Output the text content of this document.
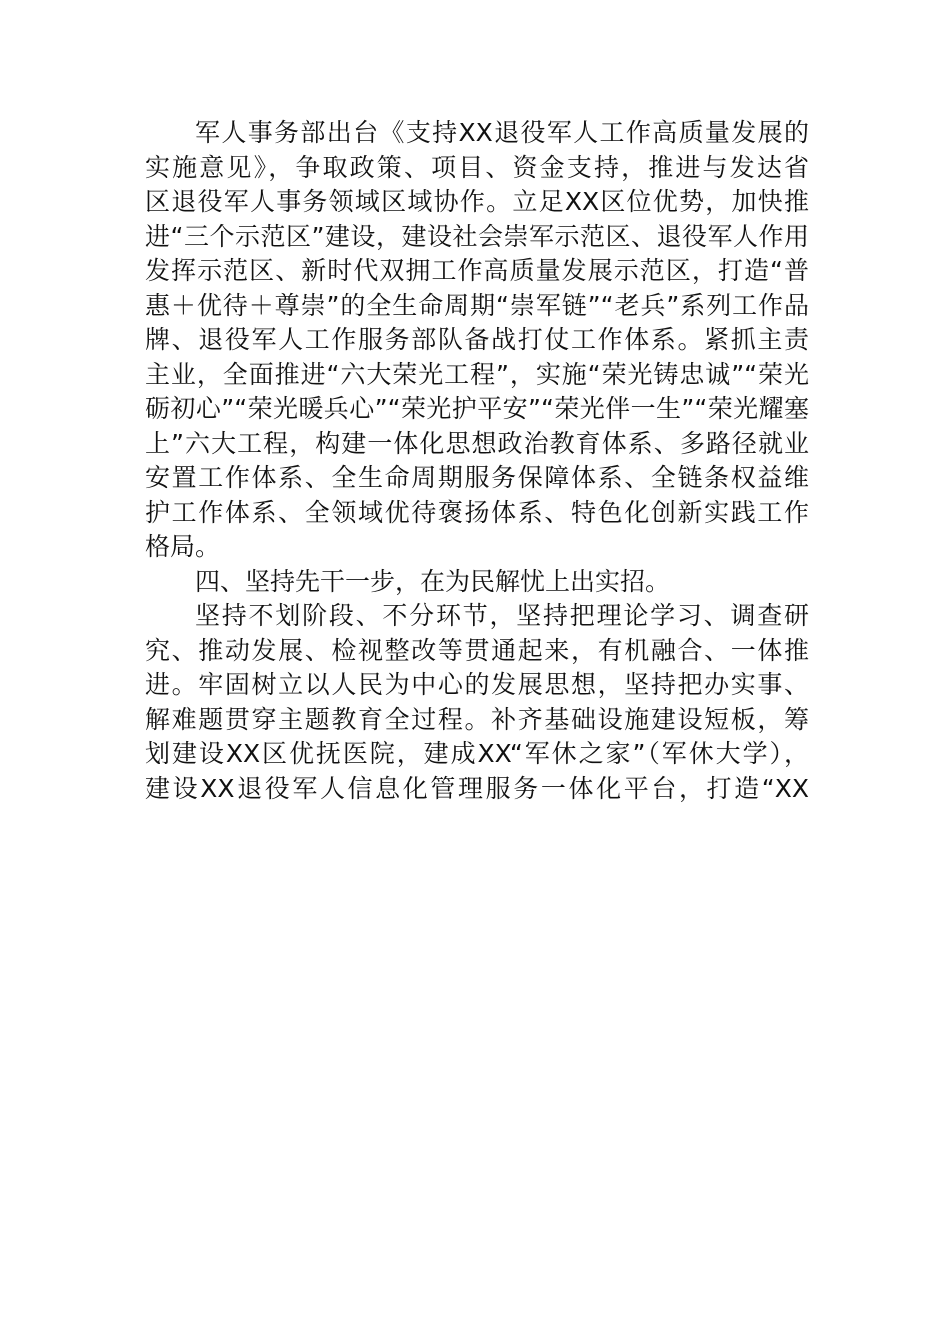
军人事务部出台《支持XX退役军人工作高质量发展的
实施意见》，争取政策、项目、资金支持，推进与发达省
区退役军人事务领域区域协作。立足XX区位优势，加快推
进“三个示范区”建设，建设社会崇军示范区、退役军人作用
发挥示范区、新时代双拥工作高质量发展示范区，打造“普
惠＋优待＋尊崇”的全生命周期“崇军链”“老兵”系列工作品
牌、退役军人工作服务部队备战打仗工作体系。紧抓主责
主业，全面推进“六大荣光工程”，实施“荣光铸忠诚”“荣光
砺初心”“荣光暖兵心”“荣光护平安”“荣光伴一生”“荣光耀塞
上”六大工程，构建一体化思想政治教育体系、多路径就业
安置工作体系、全生命周期服务保障体系、全链条权益维
护工作体系、全领域优待褒扬体系、特色化创新实践工作
格局。
四、坚持先干一步，在为民解忧上出实招。
坚持不划阶段、不分环节，坚持把理论学习、调查研
究、推动发展、检视整改等贯通起来，有机融合、一体推
进。牢固树立以人民为中心的发展思想，坚持把办实事、
解难题贯穿主题教育全过程。补齐基础设施建设短板，筹
划建设XX区优抚医院，建成XX“军休之家”（军休大学），
建设XX退役军人信息化管理服务一体化平台，打造“XX
